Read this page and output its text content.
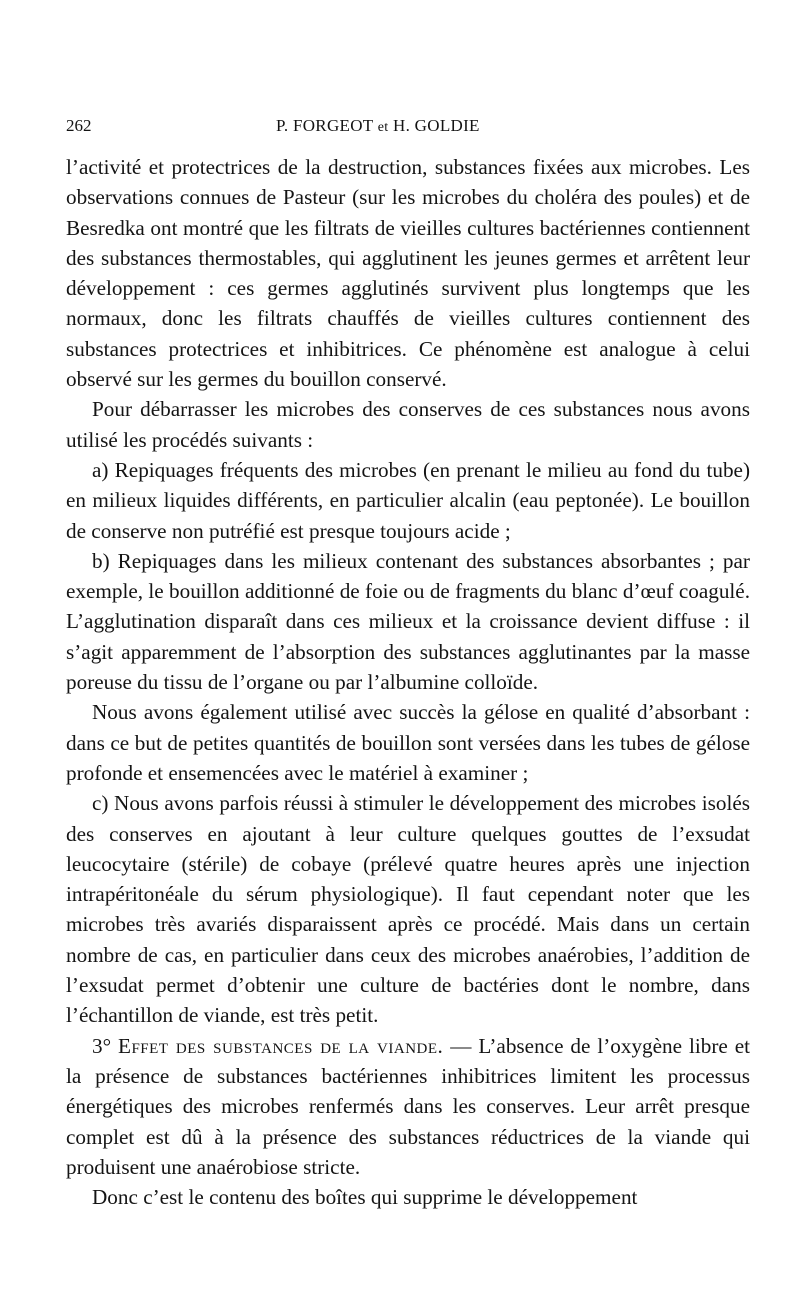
262	P. FORGEOT et H. GOLDIE

l’activité et protectrices de la destruction, substances fixées aux microbes. Les observations connues de Pasteur (sur les microbes du choléra des poules) et de Besredka ont montré que les filtrats de vieilles cultures bactériennes contiennent des substances thermostables, qui agglutinent les jeunes germes et arrêtent leur développement : ces germes agglutinés survivent plus longtemps que les normaux, donc les filtrats chauffés de vieilles cultures contiennent des substances protectrices et inhibitrices. Ce phénomène est analogue à celui observé sur les germes du bouillon conservé.

Pour débarrasser les microbes des conserves de ces substances nous avons utilisé les procédés suivants :

a) Repiquages fréquents des microbes (en prenant le milieu au fond du tube) en milieux liquides différents, en particulier alcalin (eau peptonée). Le bouillon de conserve non putréfié est presque toujours acide ;

b) Repiquages dans les milieux contenant des substances absorbantes ; par exemple, le bouillon additionné de foie ou de fragments du blanc d’œuf coagulé. L’agglutination disparaît dans ces milieux et la croissance devient diffuse : il s’agit apparemment de l’absorption des substances agglutinantes par la masse poreuse du tissu de l’organe ou par l’albumine colloïde.

Nous avons également utilisé avec succès la gélose en qualité d’absorbant : dans ce but de petites quantités de bouillon sont versées dans les tubes de gélose profonde et ensemencées avec le matériel à examiner ;

c) Nous avons parfois réussi à stimuler le développement des microbes isolés des conserves en ajoutant à leur culture quelques gouttes de l’exsudat leucocytaire (stérile) de cobaye (prélevé quatre heures après une injection intrapéritonéale du sérum physiologique). Il faut cependant noter que les microbes très avariés disparaissent après ce procédé. Mais dans un certain nombre de cas, en particulier dans ceux des microbes anaérobies, l’addition de l’exsudat permet d’obtenir une culture de bactéries dont le nombre, dans l’échantillon de viande, est très petit.

3° Effet des substances de la viande. — L’absence de l’oxygène libre et la présence de substances bactériennes inhibitrices limitent les processus énergétiques des microbes renfermés dans les conserves. Leur arrêt presque complet est dû à la présence des substances réductrices de la viande qui produisent une anaérobiose stricte.

Donc c’est le contenu des boîtes qui supprime le développement
